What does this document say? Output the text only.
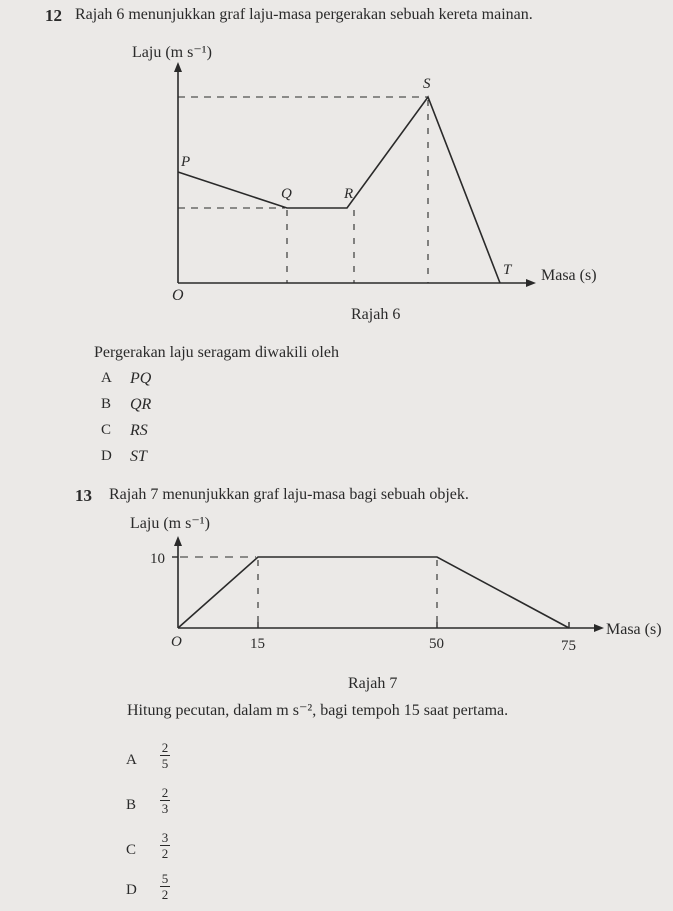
12 Rajah 6 menunjukkan graf laju-masa pergerakan sebuah kereta mainan.
Laju (m s⁻¹)
Masa (s)
O
P
Q	R
S
T
Rajah 6
Pergerakan laju seragam diwakili oleh
A PQ
B QR
C RS
D ST
13 Rajah 7 menunjukkan graf laju-masa bagi sebuah objek.
Laju (m s⁻¹)
10
O	15	50	75
Masa (s)
Rajah 7
Hitung pecutan, dalam m s⁻², bagi tempoh 15 saat pertama.
A
2
5
B
2
3
C
3
2
D
5
2
